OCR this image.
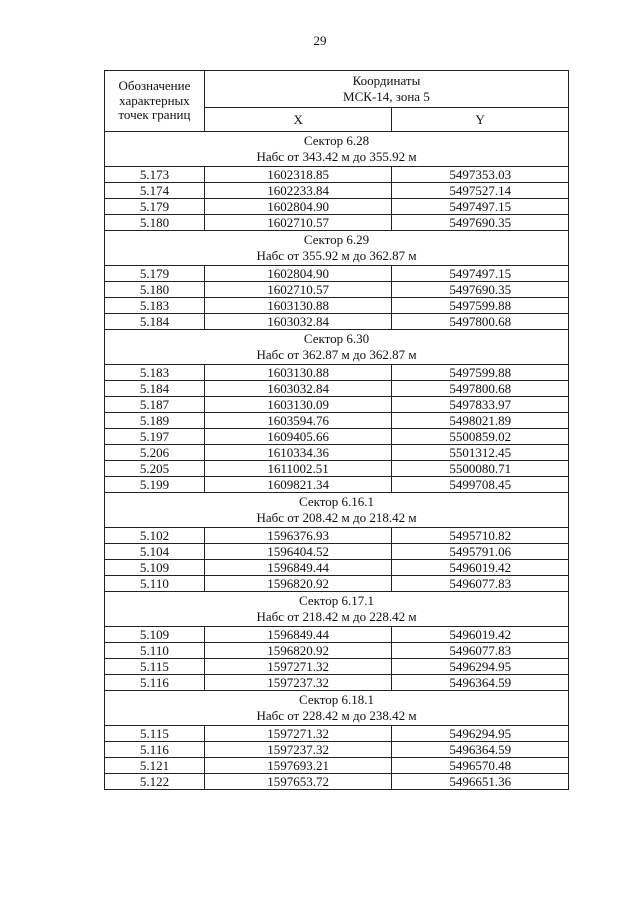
29
Обозначение
характерных
точек границ	Координаты
МСК-14, зона 5	
	X	Y
Сектор 6.28
Набс от 343.42 м до 355.92 м		
5.173	1602318.85	5497353.03
5.174	1602233.84	5497527.14
5.179	1602804.90	5497497.15
5.180	1602710.57	5497690.35
Сектор 6.29
Набс от 355.92 м до 362.87 м		
5.179	1602804.90	5497497.15
5.180	1602710.57	5497690.35
5.183	1603130.88	5497599.88
5.184	1603032.84	5497800.68
Сектор 6.30
Набс от 362.87 м до 362.87 м		
5.183	1603130.88	5497599.88
5.184	1603032.84	5497800.68
5.187	1603130.09	5497833.97
5.189	1603594.76	5498021.89
5.197	1609405.66	5500859.02
5.206	1610334.36	5501312.45
5.205	1611002.51	5500080.71
5.199	1609821.34	5499708.45
Сектор 6.16.1
Набс от 208.42 м до 218.42 м		
5.102	1596376.93	5495710.82
5.104	1596404.52	5495791.06
5.109	1596849.44	5496019.42
5.110	1596820.92	5496077.83
Сектор 6.17.1
Набс от 218.42 м до 228.42 м		
5.109	1596849.44	5496019.42
5.110	1596820.92	5496077.83
5.115	1597271.32	5496294.95
5.116	1597237.32	5496364.59
Сектор 6.18.1
Набс от 228.42 м до 238.42 м		
5.115	1597271.32	5496294.95
5.116	1597237.32	5496364.59
5.121	1597693.21	5496570.48
5.122	1597653.72	5496651.36
